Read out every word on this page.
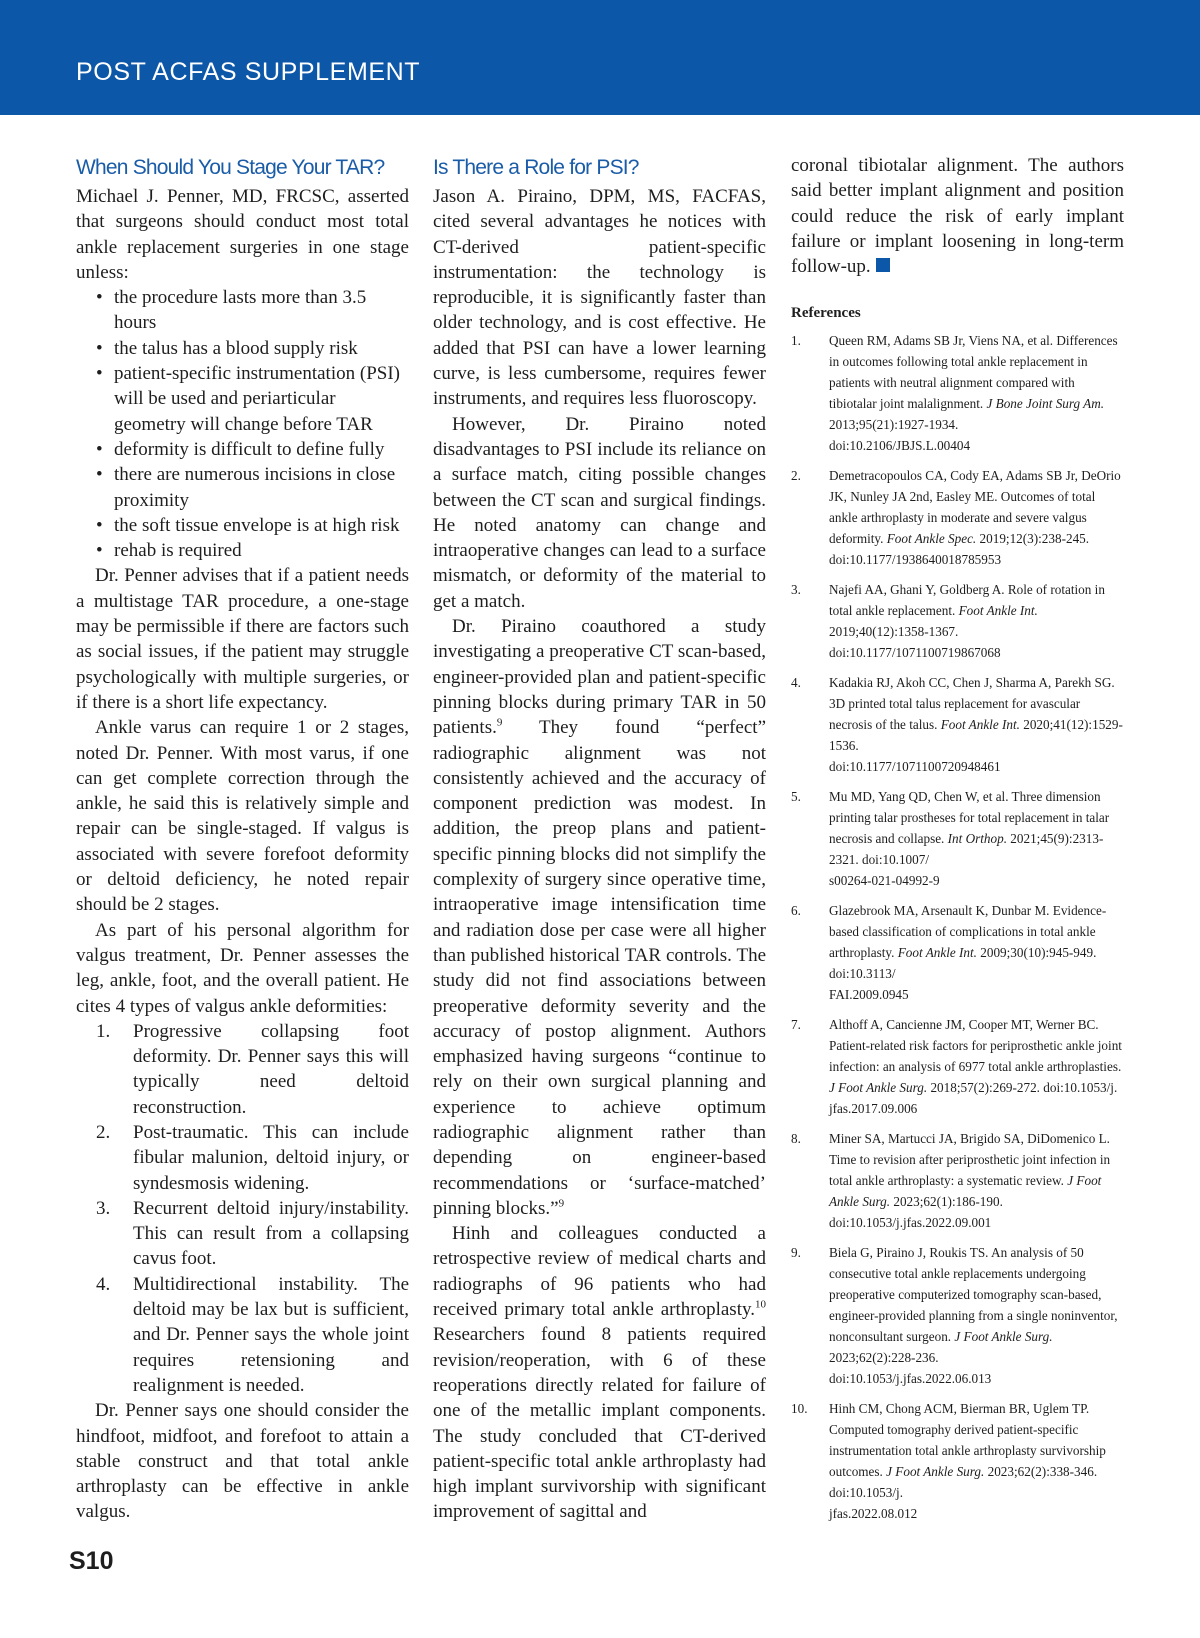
POST ACFAS SUPPLEMENT
When Should You Stage Your TAR?

Michael J. Penner, MD, FRCSC, asserted that surgeons should conduct most total ankle replacement surgeries in one stage unless:

• the procedure lasts more than 3.5 hours
• the talus has a blood supply risk
• patient-specific instrumentation (PSI) will be used and periarticular geometry will change before TAR
• deformity is difficult to define fully
• there are numerous incisions in close proximity
• the soft tissue envelope is at high risk
• rehab is required

Dr. Penner advises that if a patient needs a multistage TAR procedure, a one-stage may be permissible if there are factors such as social issues, if the patient may struggle psychologically with multiple surgeries, or if there is a short life expectancy.

Ankle varus can require 1 or 2 stages, noted Dr. Penner. With most varus, if one can get complete correction through the ankle, he said this is relatively simple and repair can be single-staged. If valgus is associated with severe forefoot deformity or deltoid deficiency, he noted repair should be 2 stages.

As part of his personal algorithm for valgus treatment, Dr. Penner assesses the leg, ankle, foot, and the overall patient. He cites 4 types of valgus ankle deformities:

1. Progressive collapsing foot deformity. Dr. Penner says this will typically need deltoid reconstruction.
2. Post-traumatic. This can include fibular malunion, deltoid injury, or syndesmosis widening.
3. Recurrent deltoid injury/instability. This can result from a collapsing cavus foot.
4. Multidirectional instability. The deltoid may be lax but is sufficient, and Dr. Penner says the whole joint requires retensioning and realignment is needed.

Dr. Penner says one should consider the hindfoot, midfoot, and forefoot to attain a stable construct and that total ankle arthroplasty can be effective in ankle valgus.

Is There a Role for PSI?

Jason A. Piraino, DPM, MS, FACFAS, cited several advantages he notices with CT-derived patient-specific instrumentation: the technology is reproducible, it is significantly faster than older technology, and is cost effective. He added that PSI can have a lower learning curve, is less cumbersome, requires fewer instruments, and requires less fluoroscopy.

However, Dr. Piraino noted disadvantages to PSI include its reliance on a surface match, citing possible changes between the CT scan and surgical findings. He noted anatomy can change and intraoperative changes can lead to a surface mismatch, or deformity of the material to get a match.

Dr. Piraino coauthored a study investigating a preoperative CT scan-based, engineer-provided plan and patient-specific pinning blocks during primary TAR in 50 patients.$^9$ They found “perfect” radiographic alignment was not consistently achieved and the accuracy of component prediction was modest. In addition, the preop plans and patient-specific pinning blocks did not simplify the complexity of surgery since operative time, intraoperative image intensification time and radiation dose per case were all higher than published historical TAR controls. The study did not find associations between preoperative deformity severity and the accuracy of postop alignment. Authors emphasized having surgeons “continue to rely on their own surgical planning and experience to achieve optimum radiographic alignment rather than depending on engineer-based recommendations or ‘surface-matched’ pinning blocks.”$^9$

Hinh and colleagues conducted a retrospective review of medical charts and radiographs of 96 patients who had received primary total ankle arthroplasty.$^{10}$ Researchers found 8 patients required revision/reoperation, with 6 of these reoperations directly related for failure of one of the metallic implant components. The study concluded that CT-derived patient-specific total ankle arthroplasty had high implant survivorship with significant improvement of sagittal and

coronal tibiotalar alignment. The authors said better implant alignment and position could reduce the risk of early implant failure or implant loosening in long-term follow-up.

References
1. Queen RM, Adams SB Jr, Viens NA, et al. Differences in outcomes following total ankle replacement in patients with neutral alignment compared with tibiotalar joint malalignment. J Bone Joint Surg Am. 2013;95(21):1927-1934.
doi:10.2106/JBJS.L.00404
2. Demetracopoulos CA, Cody EA, Adams SB Jr, DeOrio JK, Nunley JA 2nd, Easley ME. Outcomes of total ankle arthroplasty in moderate and severe valgus deformity. Foot Ankle Spec. 2019;12(3):238-245.
doi:10.1177/1938640018785953
3. Najefi AA, Ghani Y, Goldberg A. Role of rotation in total ankle replacement. Foot Ankle Int. 2019;40(12):1358-1367.
doi:10.1177/1071100719867068
4. Kadakia RJ, Akoh CC, Chen J, Sharma A, Parekh SG. 3D printed total talus replacement for avascular necrosis of the talus. Foot Ankle Int. 2020;41(12):1529-1536.
doi:10.1177/1071100720948461
5. Mu MD, Yang QD, Chen W, et al. Three dimension printing talar prostheses for total replacement in talar necrosis and collapse. Int Orthop. 2021;45(9):2313-2321. doi:10.1007/
s00264-021-04992-9
6. Glazebrook MA, Arsenault K, Dunbar M. Evidence-based classification of complications in total ankle arthroplasty. Foot Ankle Int. 2009;30(10):945-949. doi:10.3113/
FAI.2009.0945
7. Althoff A, Cancienne JM, Cooper MT, Werner BC. Patient-related risk factors for periprosthetic ankle joint infection: an analysis of 6977 total ankle arthroplasties. J Foot Ankle Surg. 2018;57(2):269-272. doi:10.1053/j.
jfas.2017.09.006
8. Miner SA, Martucci JA, Brigido SA, DiDomenico L. Time to revision after periprosthetic joint infection in total ankle arthroplasty: a systematic review. J Foot Ankle Surg. 2023;62(1):186-190.
doi:10.1053/j.jfas.2022.09.001
9. Biela G, Piraino J, Roukis TS. An analysis of 50 consecutive total ankle replacements undergoing preoperative computerized tomography scan-based, engineer-provided planning from a single noninventor, nonconsultant surgeon. J Foot Ankle Surg. 2023;62(2):228-236.
doi:10.1053/j.jfas.2022.06.013
10. Hinh CM, Chong ACM, Bierman BR, Uglem TP. Computed tomography derived patient-specific instrumentation total ankle arthroplasty survivorship outcomes. J Foot Ankle Surg. 2023;62(2):338-346. doi:10.1053/j.
jfas.2022.08.012
S10
